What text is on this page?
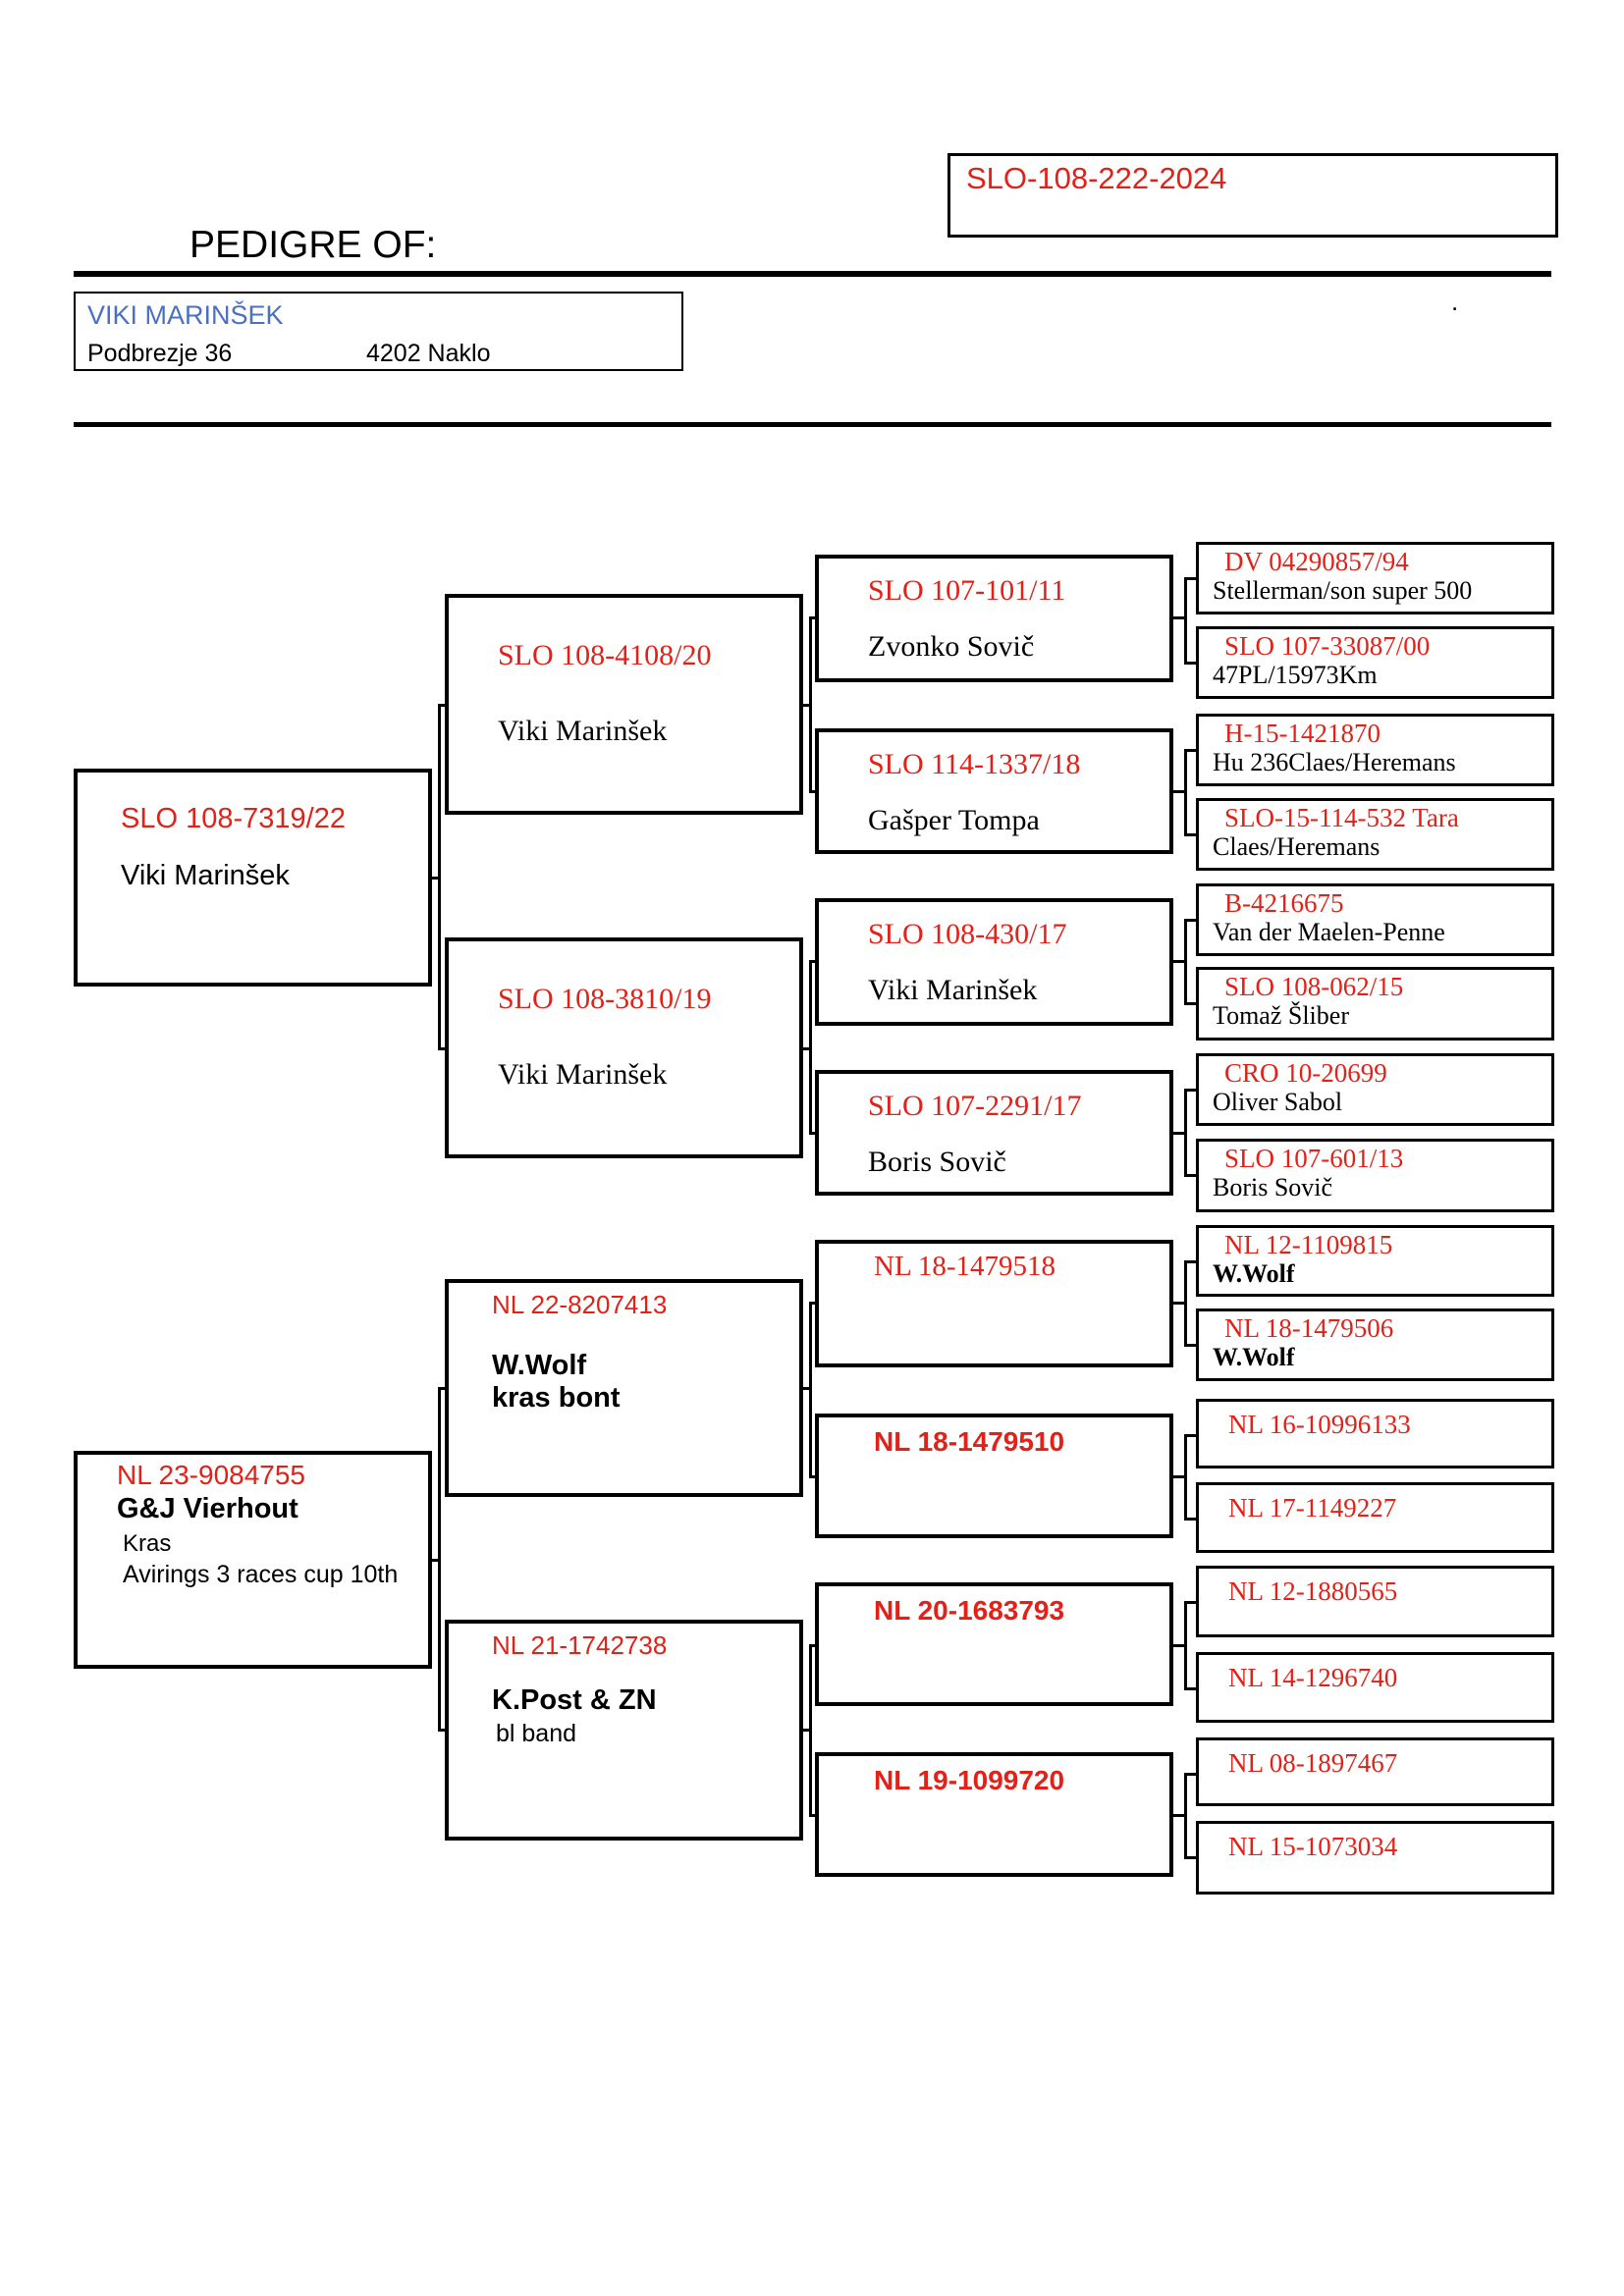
SLO-108-222-2024
PEDIGRE OF:
VIKI MARINŠEK
Podbrezje 36	4202 Naklo
.
SLO 108-7319/22
Viki Marinšek
NL 23-9084755
G&J Vierhout
Kras
Avirings 3 races cup 10th
SLO 108-4108/20
Viki Marinšek
SLO 108-3810/19
Viki Marinšek
NL 22-8207413
W.Wolf
kras bont
NL 21-1742738
K.Post & ZN
bl band
SLO 107-101/11
Zvonko Sovič
SLO 114-1337/18
Gašper Tompa
SLO 108-430/17
Viki Marinšek
SLO 107-2291/17
Boris Sovič
NL 18-1479518
NL 18-1479510
NL 20-1683793
NL 19-1099720
DV 04290857/94
Stellerman/son super 500
SLO 107-33087/00
47PL/15973Km
H-15-1421870
Hu 236Claes/Heremans
SLO-15-114-532 Tara
Claes/Heremans
B-4216675
Van der Maelen-Penne
SLO 108-062/15
Tomaž Šliber
CRO 10-20699
Oliver Sabol
SLO 107-601/13
Boris Sovič
NL 12-1109815
W.Wolf
NL 18-1479506
W.Wolf
NL 16-10996133
NL 17-1149227
NL 12-1880565
NL 14-1296740
NL 08-1897467
NL 15-1073034
